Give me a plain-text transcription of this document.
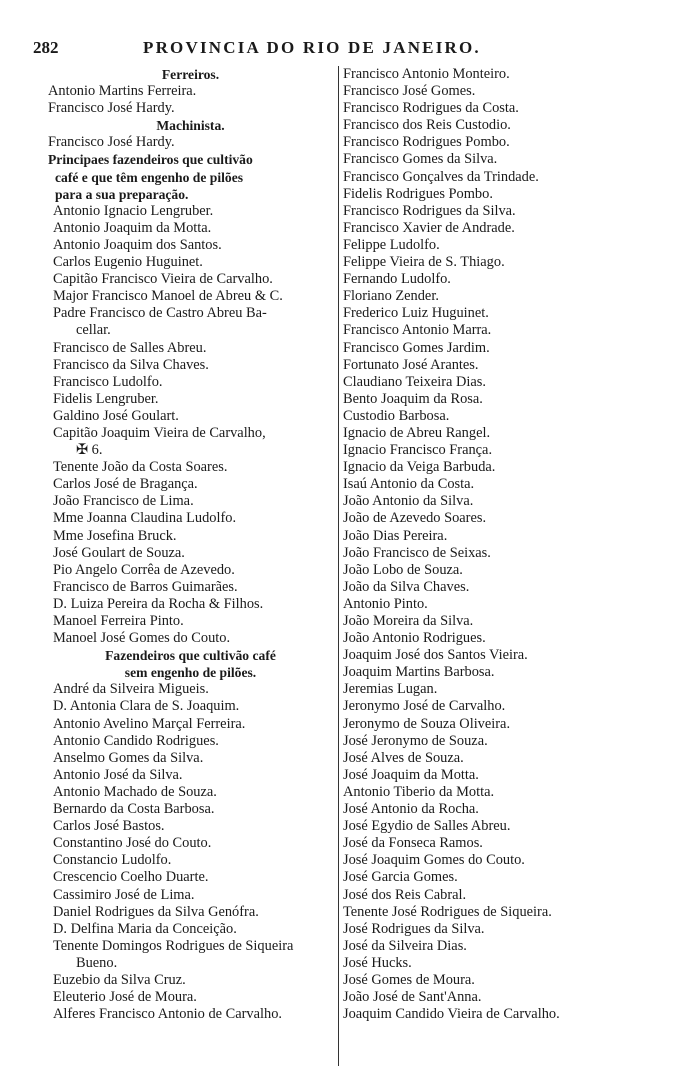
282	PROVINCIA DO RIO DE JANEIRO.
Ferreiros.
Antonio Martins Ferreira.
Francisco José Hardy.
Machinista.
Francisco José Hardy.
Principaes fazendeiros que cultivão
café e que têm engenho de pilões
para a sua preparação.
Antonio Ignacio Lengruber.
Antonio Joaquim da Motta.
Antonio Joaquim dos Santos.
Carlos Eugenio Huguinet.
Capitão Francisco Vieira de Carvalho.
Major Francisco Manoel de Abreu & C.
Padre Francisco de Castro Abreu Ba-
cellar.
Francisco de Salles Abreu.
Francisco da Silva Chaves.
Francisco Ludolfo.
Fidelis Lengruber.
Galdino José Goulart.
Capitão Joaquim Vieira de Carvalho,
✠ 6.
Tenente João da Costa Soares.
Carlos José de Bragança.
João Francisco de Lima.
Mme Joanna Claudina Ludolfo.
Mme Josefina Bruck.
José Goulart de Souza.
Pio Angelo Corrêa de Azevedo.
Francisco de Barros Guimarães.
D. Luiza Pereira da Rocha & Filhos.
Manoel Ferreira Pinto.
Manoel José Gomes do Couto.
Fazendeiros que cultivão café
sem engenho de pilões.
André da Silveira Migueis.
D. Antonia Clara de S. Joaquim.
Antonio Avelino Marçal Ferreira.
Antonio Candido Rodrigues.
Anselmo Gomes da Silva.
Antonio José da Silva.
Antonio Machado de Souza.
Bernardo da Costa Barbosa.
Carlos José Bastos.
Constantino José do Couto.
Constancio Ludolfo.
Crescencio Coelho Duarte.
Cassimiro José de Lima.
Daniel Rodrigues da Silva Genófra.
D. Delfina Maria da Conceição.
Tenente Domingos Rodrigues de Siqueira
Bueno.
Euzebio da Silva Cruz.
Eleuterio José de Moura.
Alferes Francisco Antonio de Carvalho.
Francisco Antonio Monteiro.
Francisco José Gomes.
Francisco Rodrigues da Costa.
Francisco dos Reis Custodio.
Francisco Rodrigues Pombo.
Francisco Gomes da Silva.
Francisco Gonçalves da Trindade.
Fidelis Rodrigues Pombo.
Francisco Rodrigues da Silva.
Francisco Xavier de Andrade.
Felippe Ludolfo.
Felippe Vieira de S. Thiago.
Fernando Ludolfo.
Floriano Zender.
Frederico Luiz Huguinet.
Francisco Antonio Marra.
Francisco Gomes Jardim.
Fortunato José Arantes.
Claudiano Teixeira Dias.
Bento Joaquim da Rosa.
Custodio Barbosa.
Ignacio de Abreu Rangel.
Ignacio Francisco França.
Ignacio da Veiga Barbuda.
Isaú Antonio da Costa.
João Antonio da Silva.
João de Azevedo Soares.
João Dias Pereira.
João Francisco de Seixas.
João Lobo de Souza.
João da Silva Chaves.
Antonio Pinto.
João Moreira da Silva.
João Antonio Rodrigues.
Joaquim José dos Santos Vieira.
Joaquim Martins Barbosa.
Jeremias Lugan.
Jeronymo José de Carvalho.
Jeronymo de Souza Oliveira.
José Jeronymo de Souza.
José Alves de Souza.
José Joaquim da Motta.
Antonio Tiberio da Motta.
José Antonio da Rocha.
José Egydio de Salles Abreu.
José da Fonseca Ramos.
José Joaquim Gomes do Couto.
José Garcia Gomes.
José dos Reis Cabral.
Tenente José Rodrigues de Siqueira.
José Rodrigues da Silva.
José da Silveira Dias.
José Hucks.
José Gomes de Moura.
João José de Sant'Anna.
Joaquim Candido Vieira de Carvalho.
